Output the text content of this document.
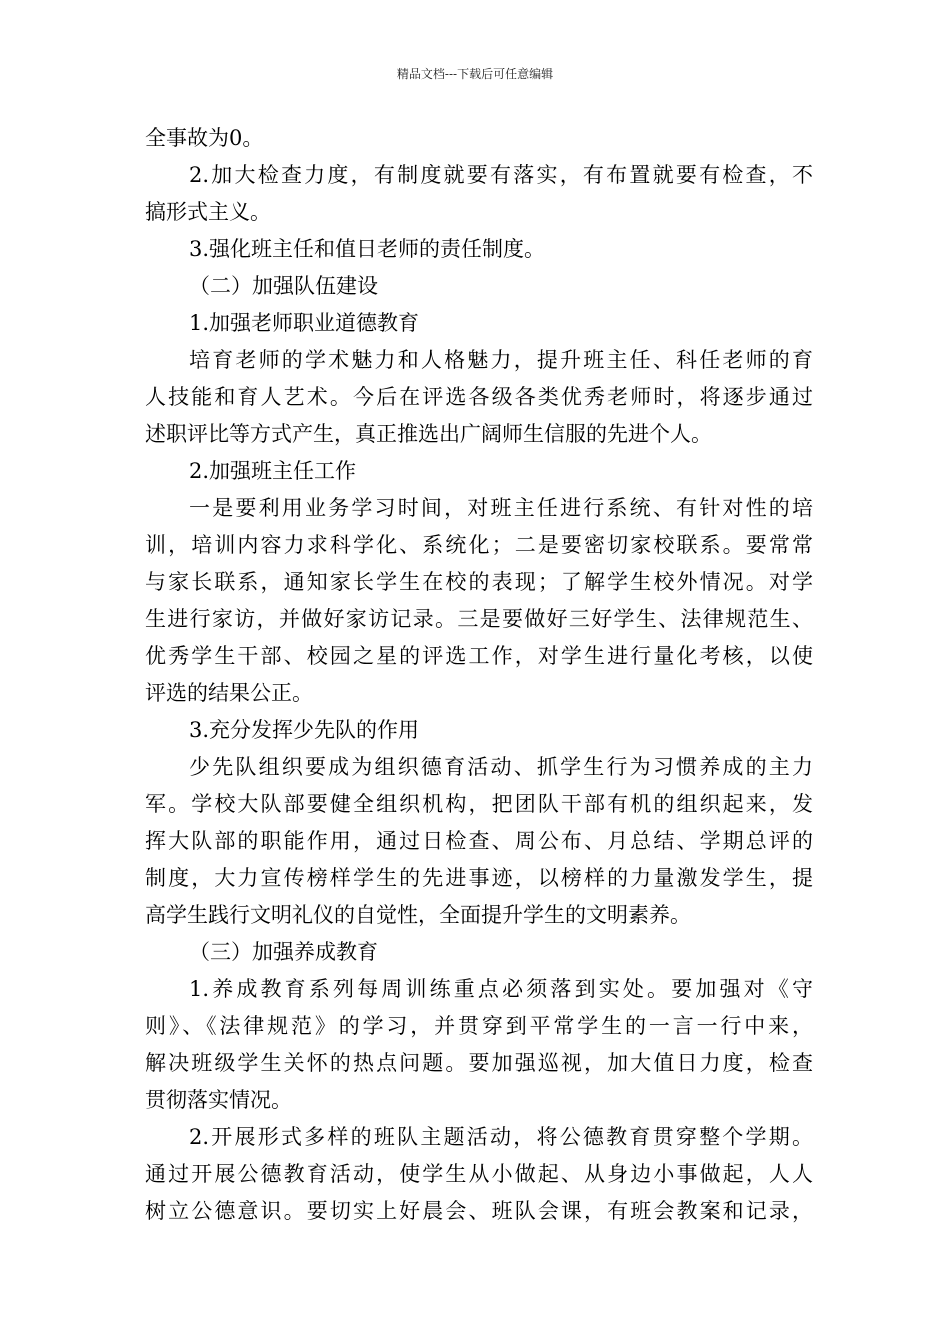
精品文档---下载后可任意编辑
全事故为0。
2.加大检查力度，有制度就要有落实，有布置就要有检查，不
搞形式主义。
3.强化班主任和值日老师的责任制度。
（二）加强队伍建设
1.加强老师职业道德教育
培育老师的学术魅力和人格魅力，提升班主任、科任老师的育
人技能和育人艺术。今后在评选各级各类优秀老师时，将逐步通过
述职评比等方式产生，真正推选出广阔师生信服的先进个人。
2.加强班主任工作
一是要利用业务学习时间，对班主任进行系统、有针对性的培
训，培训内容力求科学化、系统化；二是要密切家校联系。要常常
与家长联系，通知家长学生在校的表现；了解学生校外情况。对学
生进行家访，并做好家访记录。三是要做好三好学生、法律规范生、
优秀学生干部、校园之星的评选工作，对学生进行量化考核，以使
评选的结果公正。
3.充分发挥少先队的作用
少先队组织要成为组织德育活动、抓学生行为习惯养成的主力
军。学校大队部要健全组织机构，把团队干部有机的组织起来，发
挥大队部的职能作用，通过日检查、周公布、月总结、学期总评的
制度，大力宣传榜样学生的先进事迹，以榜样的力量激发学生，提
高学生践行文明礼仪的自觉性，全面提升学生的文明素养。
（三）加强养成教育
1.养成教育系列每周训练重点必须落到实处。要加强对《守
则》、《法律规范》的学习，并贯穿到平常学生的一言一行中来，
解决班级学生关怀的热点问题。要加强巡视，加大值日力度，检查
贯彻落实情况。
2.开展形式多样的班队主题活动，将公德教育贯穿整个学期。
通过开展公德教育活动，使学生从小做起、从身边小事做起，人人
树立公德意识。要切实上好晨会、班队会课，有班会教案和记录，
